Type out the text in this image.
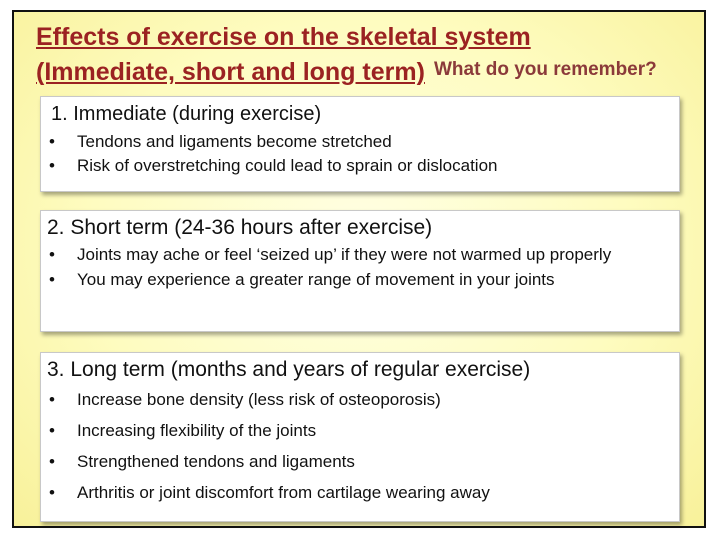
Effects of exercise on the skeletal system
(Immediate, short and long term) What do you remember?

1. Immediate (during exercise)

• Tendons and ligaments become stretched
• Risk of overstretching could lead to sprain or dislocation

2. Short term (24-36 hours after exercise)

• Joints may ache or feel ‘seized up’ if they were not warmed up properly
• You may experience a greater range of movement in your joints

3. Long term (months and years of regular exercise)

• Increase bone density (less risk of osteoporosis)
• Increasing flexibility of the joints
• Strengthened tendons and ligaments
• Arthritis or joint discomfort from cartilage wearing away
